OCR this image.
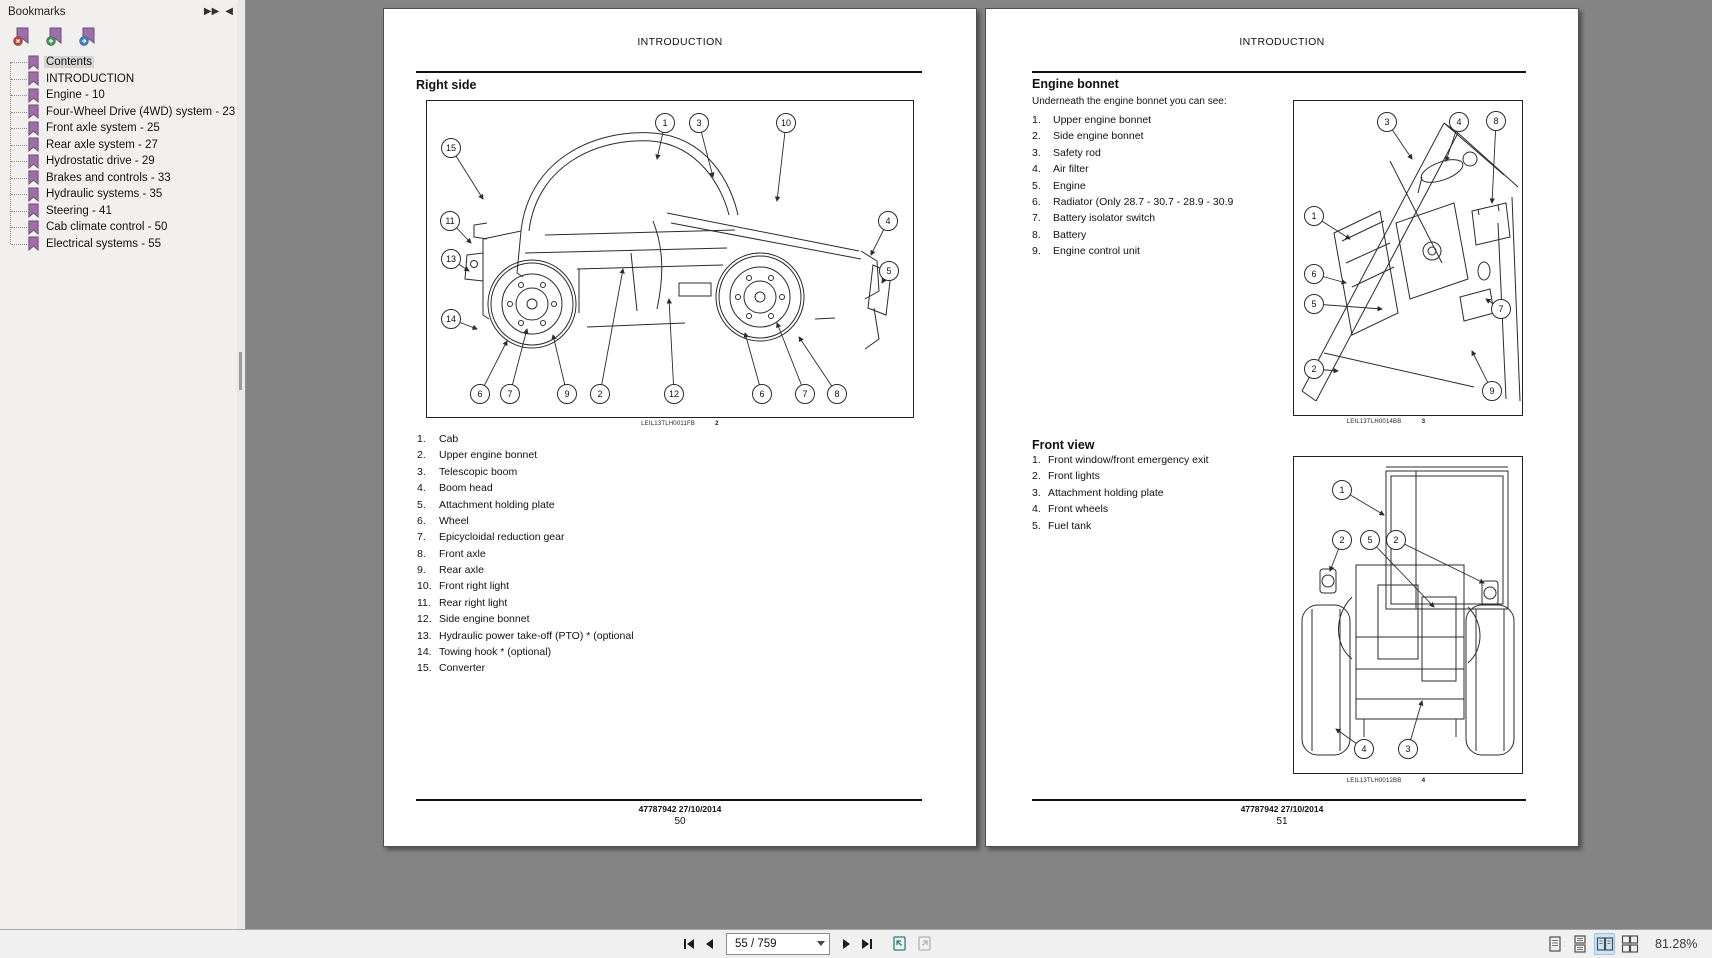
Bookmarks	▶▶ ◀
Contents
INTRODUCTION
Engine - 10
Four-Wheel Drive (4WD) system - 23
Front axle system - 25
Rear axle system - 27
Hydrostatic drive - 29
Brakes and controls - 33
Hydraulic systems - 35
Steering - 41
Cab climate control - 50
Electrical systems - 55
INTRODUCTION
Right side
15
1	3	10
11	4
13
5
14
6	7	9	2	12	6	7	8
LEIL13TLH0011FB	2
1.	Cab
2.	Upper engine bonnet
3.	Telescopic boom
4.	Boom head
5.	Attachment holding plate
6.	Wheel
7.	Epicycloidal reduction gear
8.	Front axle
9.	Rear axle
10. Front right light
11. Rear right light
12. Side engine bonnet
13. Hydraulic power take-off (PTO) * (optional
14. Towing hook * (optional)
15. Converter
47787942 27/10/2014
50
INTRODUCTION
Engine bonnet
Underneath the engine bonnet you can see:
1.	Upper engine bonnet
2.	Side engine bonnet
3.	Safety rod
4.	Air filter
5.	Engine
6.	Radiator (Only 28.7 - 30.7 - 28.9 - 30.9
7.	Battery isolator switch
8.	Battery
9.	Engine control unit
3	4	8
1
6
5
2
7
9
LEIL13TLH0014BB	3
Front view
1. Front window/front emergency exit
2. Front lights
3. Attachment holding plate
4. Front wheels
5. Fuel tank
1
2	5 2
4	3
LEIL13TLH0012BB	4
47787942 27/10/2014
51
55 / 759
81.28%
